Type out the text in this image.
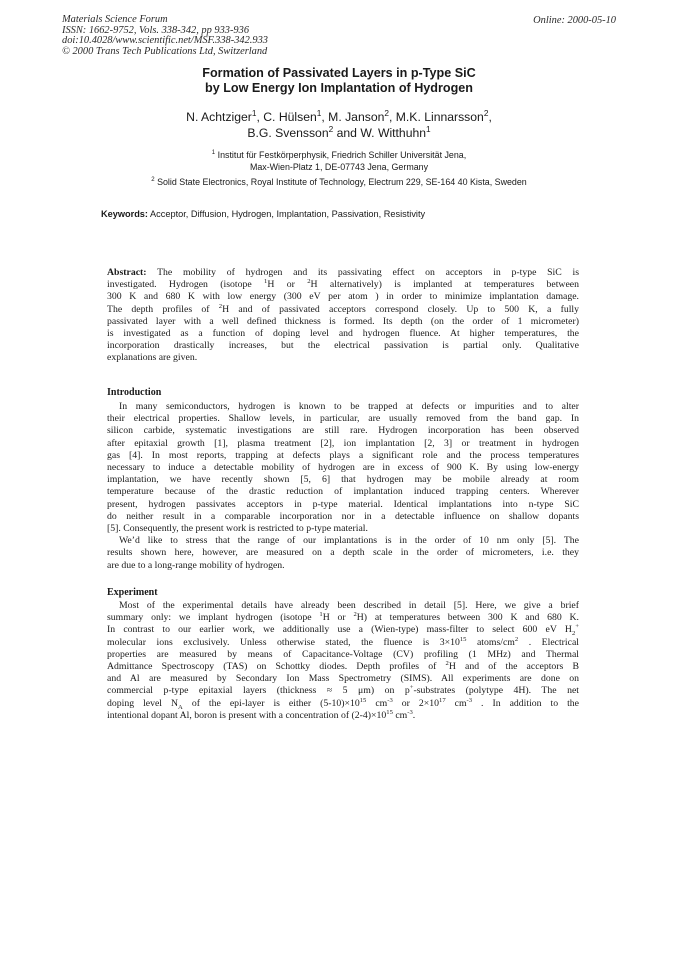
Materials Science Forum
ISSN: 1662-9752, Vols. 338-342, pp 933-936
doi:10.4028/www.scientific.net/MSF.338-342.933
© 2000 Trans Tech Publications Ltd, Switzerland
Online: 2000-05-10
Formation of Passivated Layers in p-Type SiC
by Low Energy Ion Implantation of Hydrogen
N. Achtziger$^1$, C. Hülsen$^1$, M. Janson$^2$, M.K. Linnarsson$^2$,
B.G. Svensson$^2$ and W. Witthuhn$^1$
$^1$ Institut für Festkörperphysik, Friedrich Schiller Universität Jena,
Max-Wien-Platz 1, DE-07743 Jena, Germany
$^2$ Solid State Electronics, Royal Institute of Technology, Electrum 229, SE-164 40 Kista, Sweden
Keywords: Acceptor, Diffusion, Hydrogen, Implantation, Passivation, Resistivity
Abstract: The mobility of hydrogen and its passivating effect on acceptors in p-type SiC is
investigated. Hydrogen (isotope $^1$H or $^2$H alternatively) is implanted at temperatures between
300 K and 680 K with low energy (300 eV per atom ) in order to minimize implantation damage.
The depth profiles of $^2$H and of passivated acceptors correspond closely. Up to 500 K, a fully
passivated layer with a well defined thickness is formed. Its depth (on the order of 1 micrometer)
is investigated as a function of doping level and hydrogen fluence. At higher temperatures, the
incorporation drastically increases, but the electrical passivation is partial only. Qualitative
explanations are given.
Introduction
In many semiconductors, hydrogen is known to be trapped at defects or impurities and to alter
their electrical properties. Shallow levels, in particular, are usually removed from the band gap. In
silicon carbide, systematic investigations are still rare. Hydrogen incorporation has been observed
after epitaxial growth [1], plasma treatment [2], ion implantation [2, 3] or treatment in hydrogen
gas [4]. In most reports, trapping at defects plays a significant role and the process temperatures
necessary to induce a detectable mobility of hydrogen are in excess of 900 K. By using low-energy
implantation, we have recently shown [5, 6] that hydrogen may be mobile already at room
temperature because of the drastic reduction of implantation induced trapping centers. Wherever
present, hydrogen passivates acceptors in p-type material. Identical implantations into n-type SiC
do neither result in a comparable incorporation nor in a detectable influence on shallow dopants
[5]. Consequently, the present work is restricted to p-type material.
We’d like to stress that the range of our implantations is in the order of 10 nm only [5]. The
results shown here, however, are measured on a depth scale in the order of micrometers, i.e. they
are due to a long-range mobility of hydrogen.
Experiment
Most of the experimental details have already been described in detail [5]. Here, we give a brief
summary only: we implant hydrogen (isotope $^1$H or $^2$H) at temperatures between 300 K and 680 K.
In contrast to our earlier work, we additionally use a (Wien-type) mass-filter to select 600 eV $H_2^+$
molecular ions exclusively. Unless otherwise stated, the fluence is $3\times 10^{15}$ atoms/$cm^2$ . Electrical
properties are measured by means of Capacitance-Voltage (CV) profiling (1 MHz) and Thermal
Admittance Spectroscopy (TAS) on Schottky diodes. Depth profiles of $^2$H and of the acceptors B
and Al are measured by Secondary Ion Mass Spectrometry (SIMS). All experiments are done on
commercial p-type epitaxial layers (thickness ≈ 5 μm) on p+-substrates (polytype 4H). The net
doping level $N_A$ of the epi-layer is either $(5-10)\times 10^{15}$ $cm^{-3}$ or $2\times 10^{17}$ $cm^{-3}$ . In addition to the
intentional dopant Al, boron is present with a concentration of $(2-4)\times 10^{15}$ $cm^{-3}$.
